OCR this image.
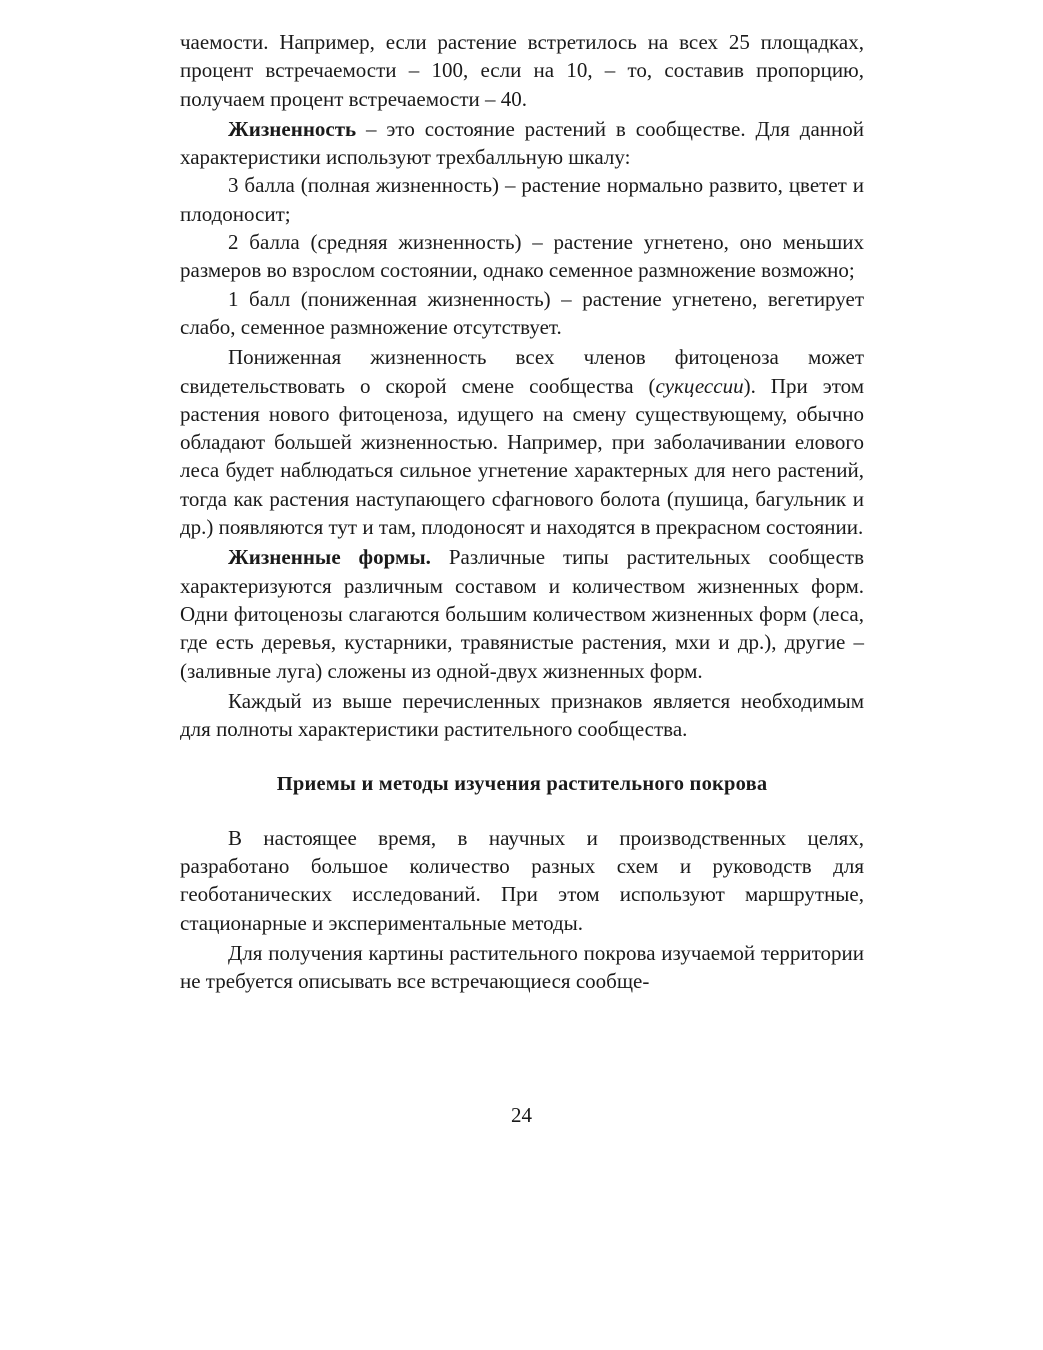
чаемости. Например, если растение встретилось на всех 25 площадках, процент встречаемости – 100, если на 10, – то, составив пропорцию, получаем процент встречаемости – 40.

Жизненность – это состояние растений в сообществе. Для данной характеристики используют трехбалльную шкалу:

3 балла (полная жизненность) – растение нормально развито, цветет и плодоносит;

2 балла (средняя жизненность) – растение угнетено, оно меньших размеров во взрослом состоянии, однако семенное размножение возможно;

1 балл (пониженная жизненность) – растение угнетено, вегетирует слабо, семенное размножение отсутствует.

Пониженная жизненность всех членов фитоценоза может свидетельствовать о скорой смене сообщества (сукцессии). При этом растения нового фитоценоза, идущего на смену существующему, обычно обладают большей жизненностью. Например, при заболачивании елового леса будет наблюдаться сильное угнетение характерных для него растений, тогда как растения наступающего сфагнового болота (пушица, багульник и др.) появляются тут и там, плодоносят и находятся в прекрасном состоянии.

Жизненные формы. Различные типы растительных сообществ характеризуются различным составом и количеством жизненных форм. Одни фитоценозы слагаются большим количеством жизненных форм (леса, где есть деревья, кустарники, травянистые растения, мхи и др.), другие – (заливные луга) сложены из одной-двух жизненных форм.

Каждый из выше перечисленных признаков является необходимым для полноты характеристики растительного сообщества.

Приемы и методы изучения растительного покрова

В настоящее время, в научных и производственных целях, разработано большое количество разных схем и руководств для геоботанических исследований. При этом используют маршрутные, стационарные и экспериментальные методы.

Для получения картины растительного покрова изучаемой территории не требуется описывать все встречающиеся сообще-

24
